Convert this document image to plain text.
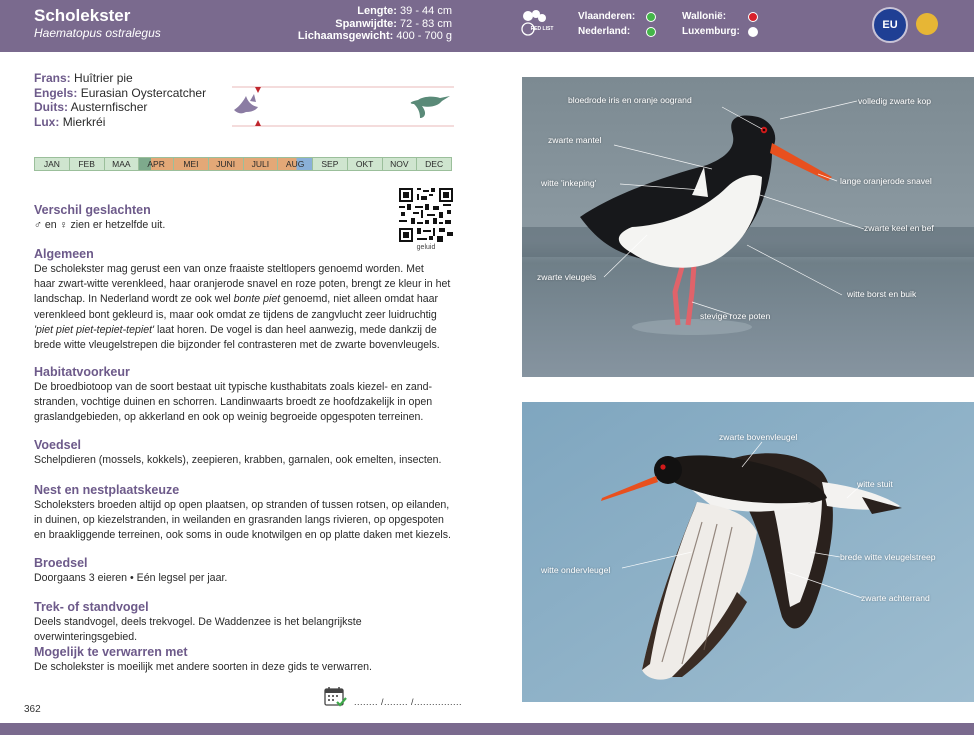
Scholekster
Haematopus ostralegus
Lengte: 39 - 44 cm
Spanwijdte: 72 - 83 cm
Lichaamsgewicht: 400 - 700 g
RED LIST
Vlaanderen:
Nederland:
Wallonië:
Luxemburg:
EU
Frans: Huîtrier pie
Engels: Eurasian Oystercatcher
Duits: Austernfischer
Lux: Mierkréi
JAN	FEB	MAA	APR	MEI	JUNI	JULI	AUG	SEP	OKT	NOV	DEC
geluid
Verschil geslachten
♂ en ♀ zien er hetzelfde uit.
Algemeen
De scholekster mag gerust een van onze fraaiste steltlopers genoemd worden. Met
haar zwart-witte verenkleed, haar oranjerode snavel en roze poten, brengt ze kleur in het
landschap. In Nederland wordt ze ook wel bonte piet genoemd, niet alleen omdat haar
verenkleed bont gekleurd is, maar ook omdat ze tijdens de zangvlucht zeer luidruchtig
'piet piet piet-tepiet-tepiet' laat horen. De vogel is dan heel aanwezig, mede dankzij de
brede witte vleugelstrepen die bijzonder fel contrasteren met de zwarte bovenvleugels.
Habitatvoorkeur
De broedbiotoop van de soort bestaat uit typische kusthabitats zoals kiezel- en zand-stranden, vochtige duinen en schorren. Landinwaarts broedt ze hoofdzakelijk in open graslandgebieden, op akkerland en ook op weinig begroeide opgespoten terreinen.
Voedsel
Schelpdieren (mossels, kokkels), zeepieren, krabben, garnalen, ook emelten, insecten.
Nest en nestplaatskeuze
Scholeksters broeden altijd op open plaatsen, op stranden of tussen rotsen, op eilanden, in duinen, op kiezelstranden, in weilanden en grasranden langs rivieren, op opgespoten en braakliggende terreinen, ook soms in oude knotwilgen en op platte daken met kiezels.
Broedsel
Doorgaans 3 eieren • Eén legsel per jaar.
Trek- of standvogel
Deels standvogel, deels trekvogel. De Waddenzee is het belangrijkste overwinteringsgebied.
Mogelijk te verwarren met
De scholekster is moeilijk met andere soorten in deze gids te verwarren.
362
........ /........ /................
bloedrode iris en oranje oogrand	volledig zwarte kop
zwarte mantel
witte 'inkeping'	lange oranjerode snavel
zwarte keel en bef
zwarte vleugels
witte borst en buik
stevige roze poten
zwarte bovenvleugel
witte stuit
brede witte vleugelstreep
witte ondervleugel
zwarte achterrand
